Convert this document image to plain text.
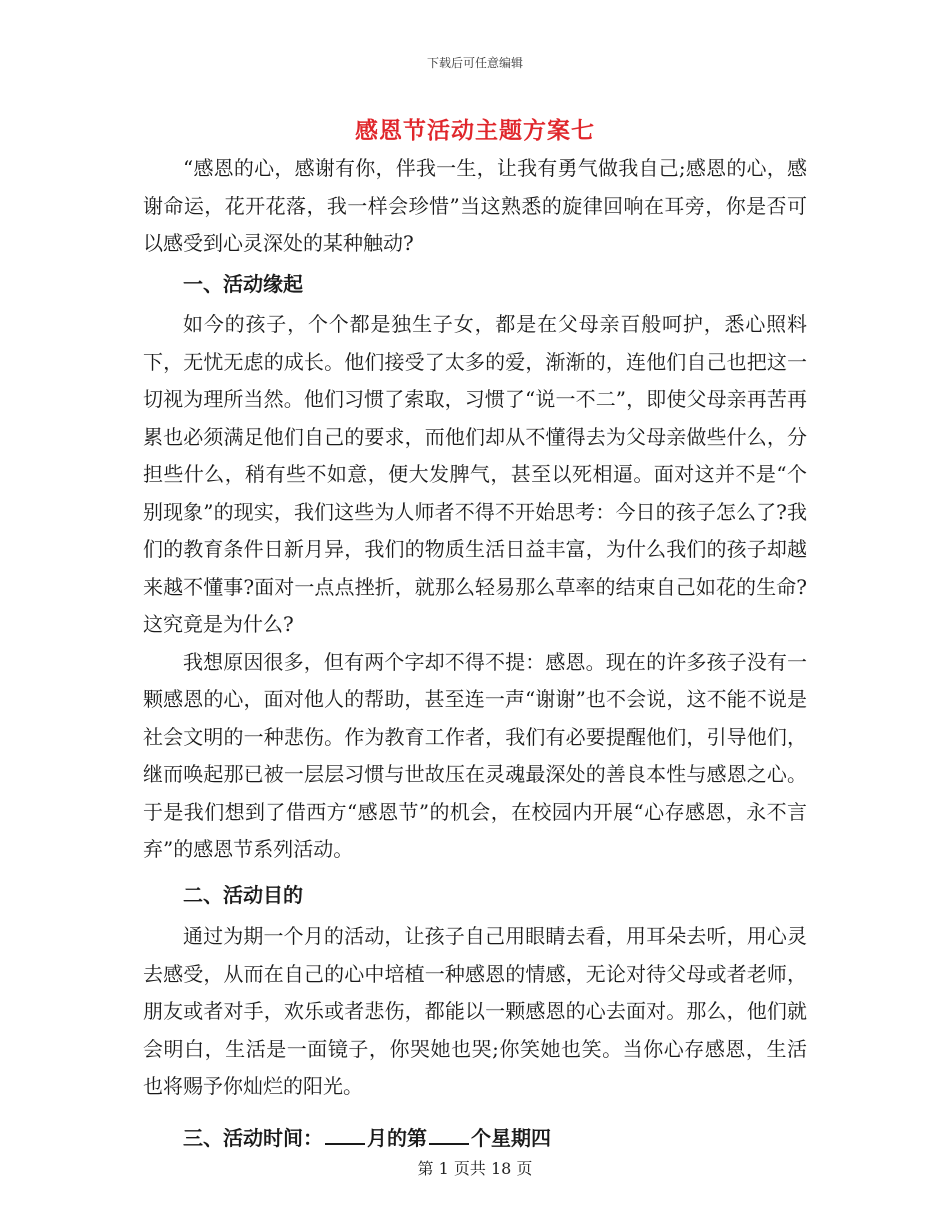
下载后可任意编辑
感恩节活动主题方案七

“感恩的心，感谢有你，伴我一生，让我有勇气做我自己;感恩的心，感谢命运，花开花落，我一样会珍惜”当这熟悉的旋律回响在耳旁，你是否可以感受到心灵深处的某种触动?

一、活动缘起

如今的孩子，个个都是独生子女，都是在父母亲百般呵护，悉心照料下，无忧无虑的成长。他们接受了太多的爱，渐渐的，连他们自己也把这一切视为理所当然。他们习惯了索取，习惯了“说一不二”，即使父母亲再苦再累也必须满足他们自己的要求，而他们却从不懂得去为父母亲做些什么，分担些什么，稍有些不如意，便大发脾气，甚至以死相逼。面对这并不是“个别现象”的现实，我们这些为人师者不得不开始思考：今日的孩子怎么了?我们的教育条件日新月异，我们的物质生活日益丰富，为什么我们的孩子却越来越不懂事?面对一点点挫折，就那么轻易那么草率的结束自己如花的生命?这究竟是为什么?

我想原因很多，但有两个字却不得不提：感恩。现在的许多孩子没有一颗感恩的心，面对他人的帮助，甚至连一声“谢谢”也不会说，这不能不说是社会文明的一种悲伤。作为教育工作者，我们有必要提醒他们，引导他们，继而唤起那已被一层层习惯与世故压在灵魂最深处的善良本性与感恩之心。于是我们想到了借西方“感恩节”的机会，在校园内开展“心存感恩，永不言弃”的感恩节系列活动。

二、活动目的

通过为期一个月的活动，让孩子自己用眼睛去看，用耳朵去听，用心灵去感受，从而在自己的心中培植一种感恩的情感，无论对待父母或者老师，朋友或者对手，欢乐或者悲伤，都能以一颗感恩的心去面对。那么，他们就会明白，生活是一面镜子，你哭她也哭;你笑她也笑。当你心存感恩，生活也将赐予你灿烂的阳光。

三、活动时间： 月的第 个星期四

第 1 页共 18 页
